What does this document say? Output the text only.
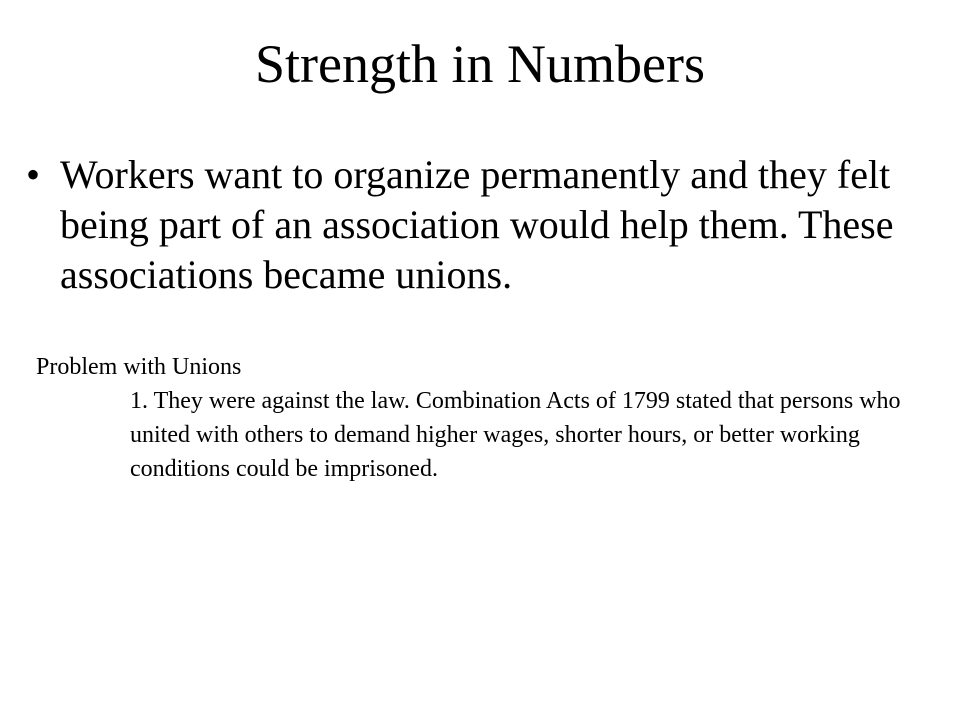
Strength in Numbers
• Workers want to organize permanently and they felt being part of an association would help them. These associations became unions.

Problem with Unions

1. They were against the law. Combination Acts of 1799 stated that persons who united with others to demand higher wages, shorter hours, or better working conditions could be imprisoned.
